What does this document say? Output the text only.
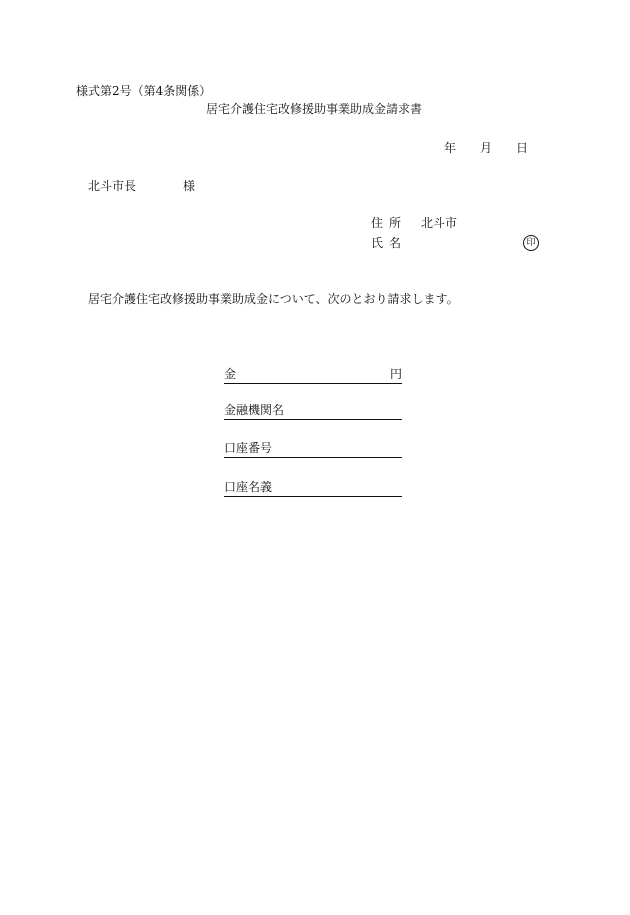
様式第2号（第4条関係）
居宅介護住宅改修援助事業助成金請求書
年 月 日
北斗市長	様
住所 北斗市
氏名	印
居宅介護住宅改修援助事業助成金について、次のとおり請求します。
金	円
金融機関名
口座番号
口座名義
